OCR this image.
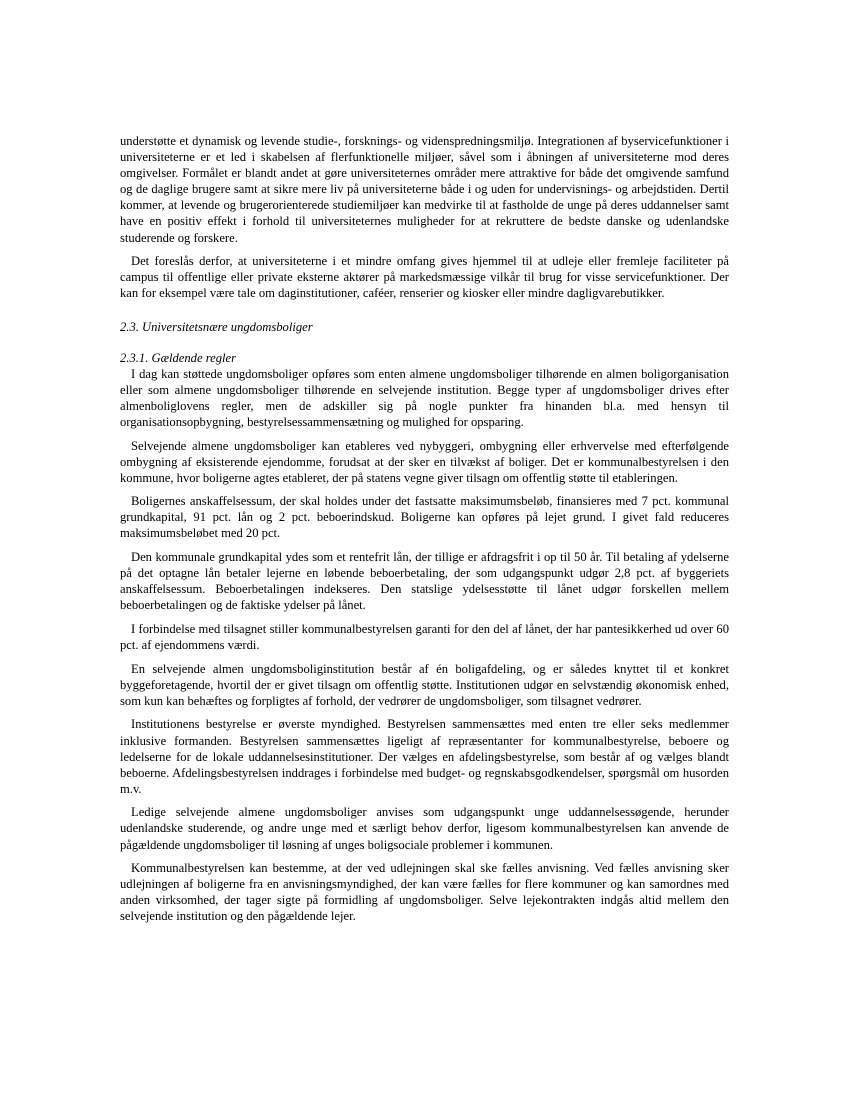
understøtte et dynamisk og levende studie-, forsknings- og videnspredningsmiljø. Integrationen af byservicefunktioner i universiteterne er et led i skabelsen af flerfunktionelle miljøer, såvel som i åbningen af universiteterne mod deres omgivelser. Formålet er blandt andet at gøre universiteternes områder mere attraktive for både det omgivende samfund og de daglige brugere samt at sikre mere liv på universiteterne både i og uden for undervisnings- og arbejdstiden. Dertil kommer, at levende og brugerorienterede studiemiljøer kan medvirke til at fastholde de unge på deres uddannelser samt have en positiv effekt i forhold til universiteternes muligheder for at rekruttere de bedste danske og udenlandske studerende og forskere.

Det foreslås derfor, at universiteterne i et mindre omfang gives hjemmel til at udleje eller fremleje faciliteter på campus til offentlige eller private eksterne aktører på markedsmæssige vilkår til brug for visse servicefunktioner. Der kan for eksempel være tale om daginstitutioner, caféer, renserier og kiosker eller mindre dagligvarebutikker.

2.3. Universitetsnære ungdomsboliger
2.3.1. Gældende regler

I dag kan støttede ungdomsboliger opføres som enten almene ungdomsboliger tilhørende en almen boligorganisation eller som almene ungdomsboliger tilhørende en selvejende institution. Begge typer af ungdomsboliger drives efter almenboliglovens regler, men de adskiller sig på nogle punkter fra hinanden bl.a. med hensyn til organisationsopbygning, bestyrelsessammensætning og mulighed for opsparing.

Selvejende almene ungdomsboliger kan etableres ved nybyggeri, ombygning eller erhvervelse med efterfølgende ombygning af eksisterende ejendomme, forudsat at der sker en tilvækst af boliger. Det er kommunalbestyrelsen i den kommune, hvor boligerne agtes etableret, der på statens vegne giver tilsagn om offentlig støtte til etableringen.

Boligernes anskaffelsessum, der skal holdes under det fastsatte maksimumsbeløb, finansieres med 7 pct. kommunal grundkapital, 91 pct. lån og 2 pct. beboerindskud. Boligerne kan opføres på lejet grund. I givet fald reduceres maksimumsbeløbet med 20 pct.

Den kommunale grundkapital ydes som et rentefrit lån, der tillige er afdragsfrit i op til 50 år. Til betaling af ydelserne på det optagne lån betaler lejerne en løbende beboerbetaling, der som udgangspunkt udgør 2,8 pct. af byggeriets anskaffelsessum. Beboerbetalingen indekseres. Den statslige ydelsesstøtte til lånet udgør forskellen mellem beboerbetalingen og de faktiske ydelser på lånet.

I forbindelse med tilsagnet stiller kommunalbestyrelsen garanti for den del af lånet, der har pantesikkerhed ud over 60 pct. af ejendommens værdi.

En selvejende almen ungdomsboliginstitution består af én boligafdeling, og er således knyttet til et konkret byggeforetagende, hvortil der er givet tilsagn om offentlig støtte. Institutionen udgør en selvstændig økonomisk enhed, som kun kan behæftes og forpligtes af forhold, der vedrører de ungdomsboliger, som tilsagnet vedrører.

Institutionens bestyrelse er øverste myndighed. Bestyrelsen sammensættes med enten tre eller seks medlemmer inklusive formanden. Bestyrelsen sammensættes ligeligt af repræsentanter for kommunalbestyrelse, beboere og ledelserne for de lokale uddannelsesinstitutioner. Der vælges en afdelingsbestyrelse, som består af og vælges blandt beboerne. Afdelingsbestyrelsen inddrages i forbindelse med budget- og regnskabsgodkendelser, spørgsmål om husorden m.v.

Ledige selvejende almene ungdomsboliger anvises som udgangspunkt unge uddannelsessøgende, herunder udenlandske studerende, og andre unge med et særligt behov derfor, ligesom kommunalbestyrelsen kan anvende de pågældende ungdomsboliger til løsning af unges boligsociale problemer i kommunen.

Kommunalbestyrelsen kan bestemme, at der ved udlejningen skal ske fælles anvisning. Ved fælles anvisning sker udlejningen af boligerne fra en anvisningsmyndighed, der kan være fælles for flere kommuner og kan samordnes med anden virksomhed, der tager sigte på formidling af ungdomsboliger. Selve lejekontrakten indgås altid mellem den selvejende institution og den pågældende lejer.
